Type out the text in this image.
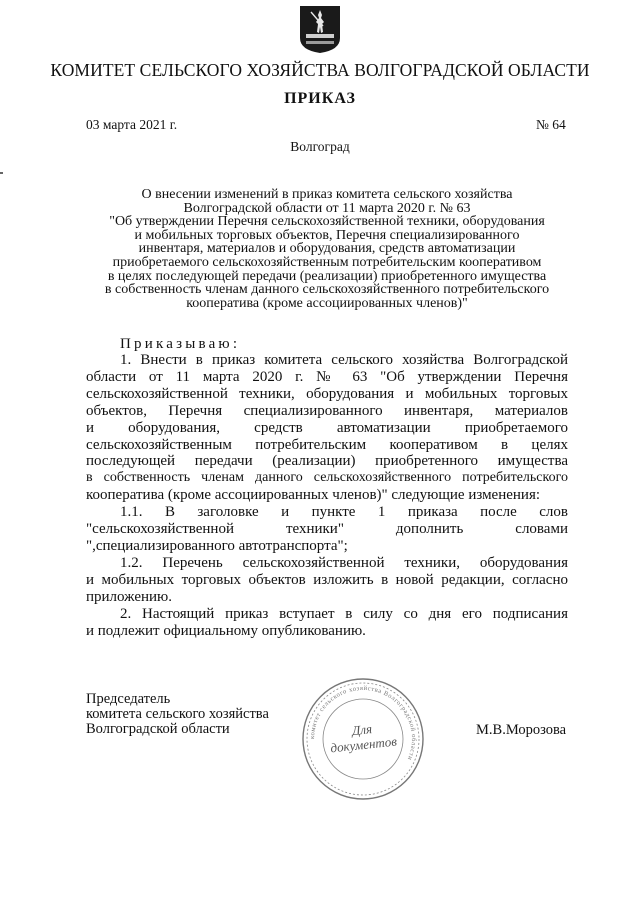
КОМИТЕТ СЕЛЬСКОГО ХОЗЯЙСТВА ВОЛГОГРАДСКОЙ ОБЛАСТИ
ПРИКАЗ
03 марта 2021 г.	№ 64
Волгоград
О внесении изменений в приказ комитета сельского хозяйства
Волгоградской области от 11 марта 2020 г. № 63
"Об утверждении Перечня сельскохозяйственной техники, оборудования
и мобильных торговых объектов, Перечня специализированного
инвентаря, материалов и оборудования, средств автоматизации
приобретаемого сельскохозяйственным потребительским кооперативом
в целях последующей передачи (реализации) приобретенного имущества
в собственность членам данного сельскохозяйственного потребительского
кооператива (кроме ассоциированных членов)"
Приказываю:
1. Внести в приказ комитета сельского хозяйства Волгоградской
области от 11 марта 2020 г. № 63 "Об утверждении Перечня
сельскохозяйственной техники, оборудования и мобильных торговых
объектов, Перечня специализированного инвентаря, материалов
и оборудования, средств автоматизации приобретаемого
сельскохозяйственным потребительским кооперативом в целях
последующей передачи (реализации) приобретенного имущества
в собственность членам данного сельскохозяйственного потребительского
кооператива (кроме ассоциированных членов)" следующие изменения:
1.1. В заголовке и пункте 1 приказа после слов
"сельскохозяйственной техники" дополнить словами
",специализированного автотранспорта";
1.2. Перечень сельскохозяйственной техники, оборудования
и мобильных торговых объектов изложить в новой редакции, согласно
приложению.
2. Настоящий приказ вступает в силу со дня его подписания
и подлежит официальному опубликованию.
Председатель
комитета сельского хозяйства
Волгоградской области
комитет сельского хозяйства Волгоградской области
Для
документов
М.В.Морозова
